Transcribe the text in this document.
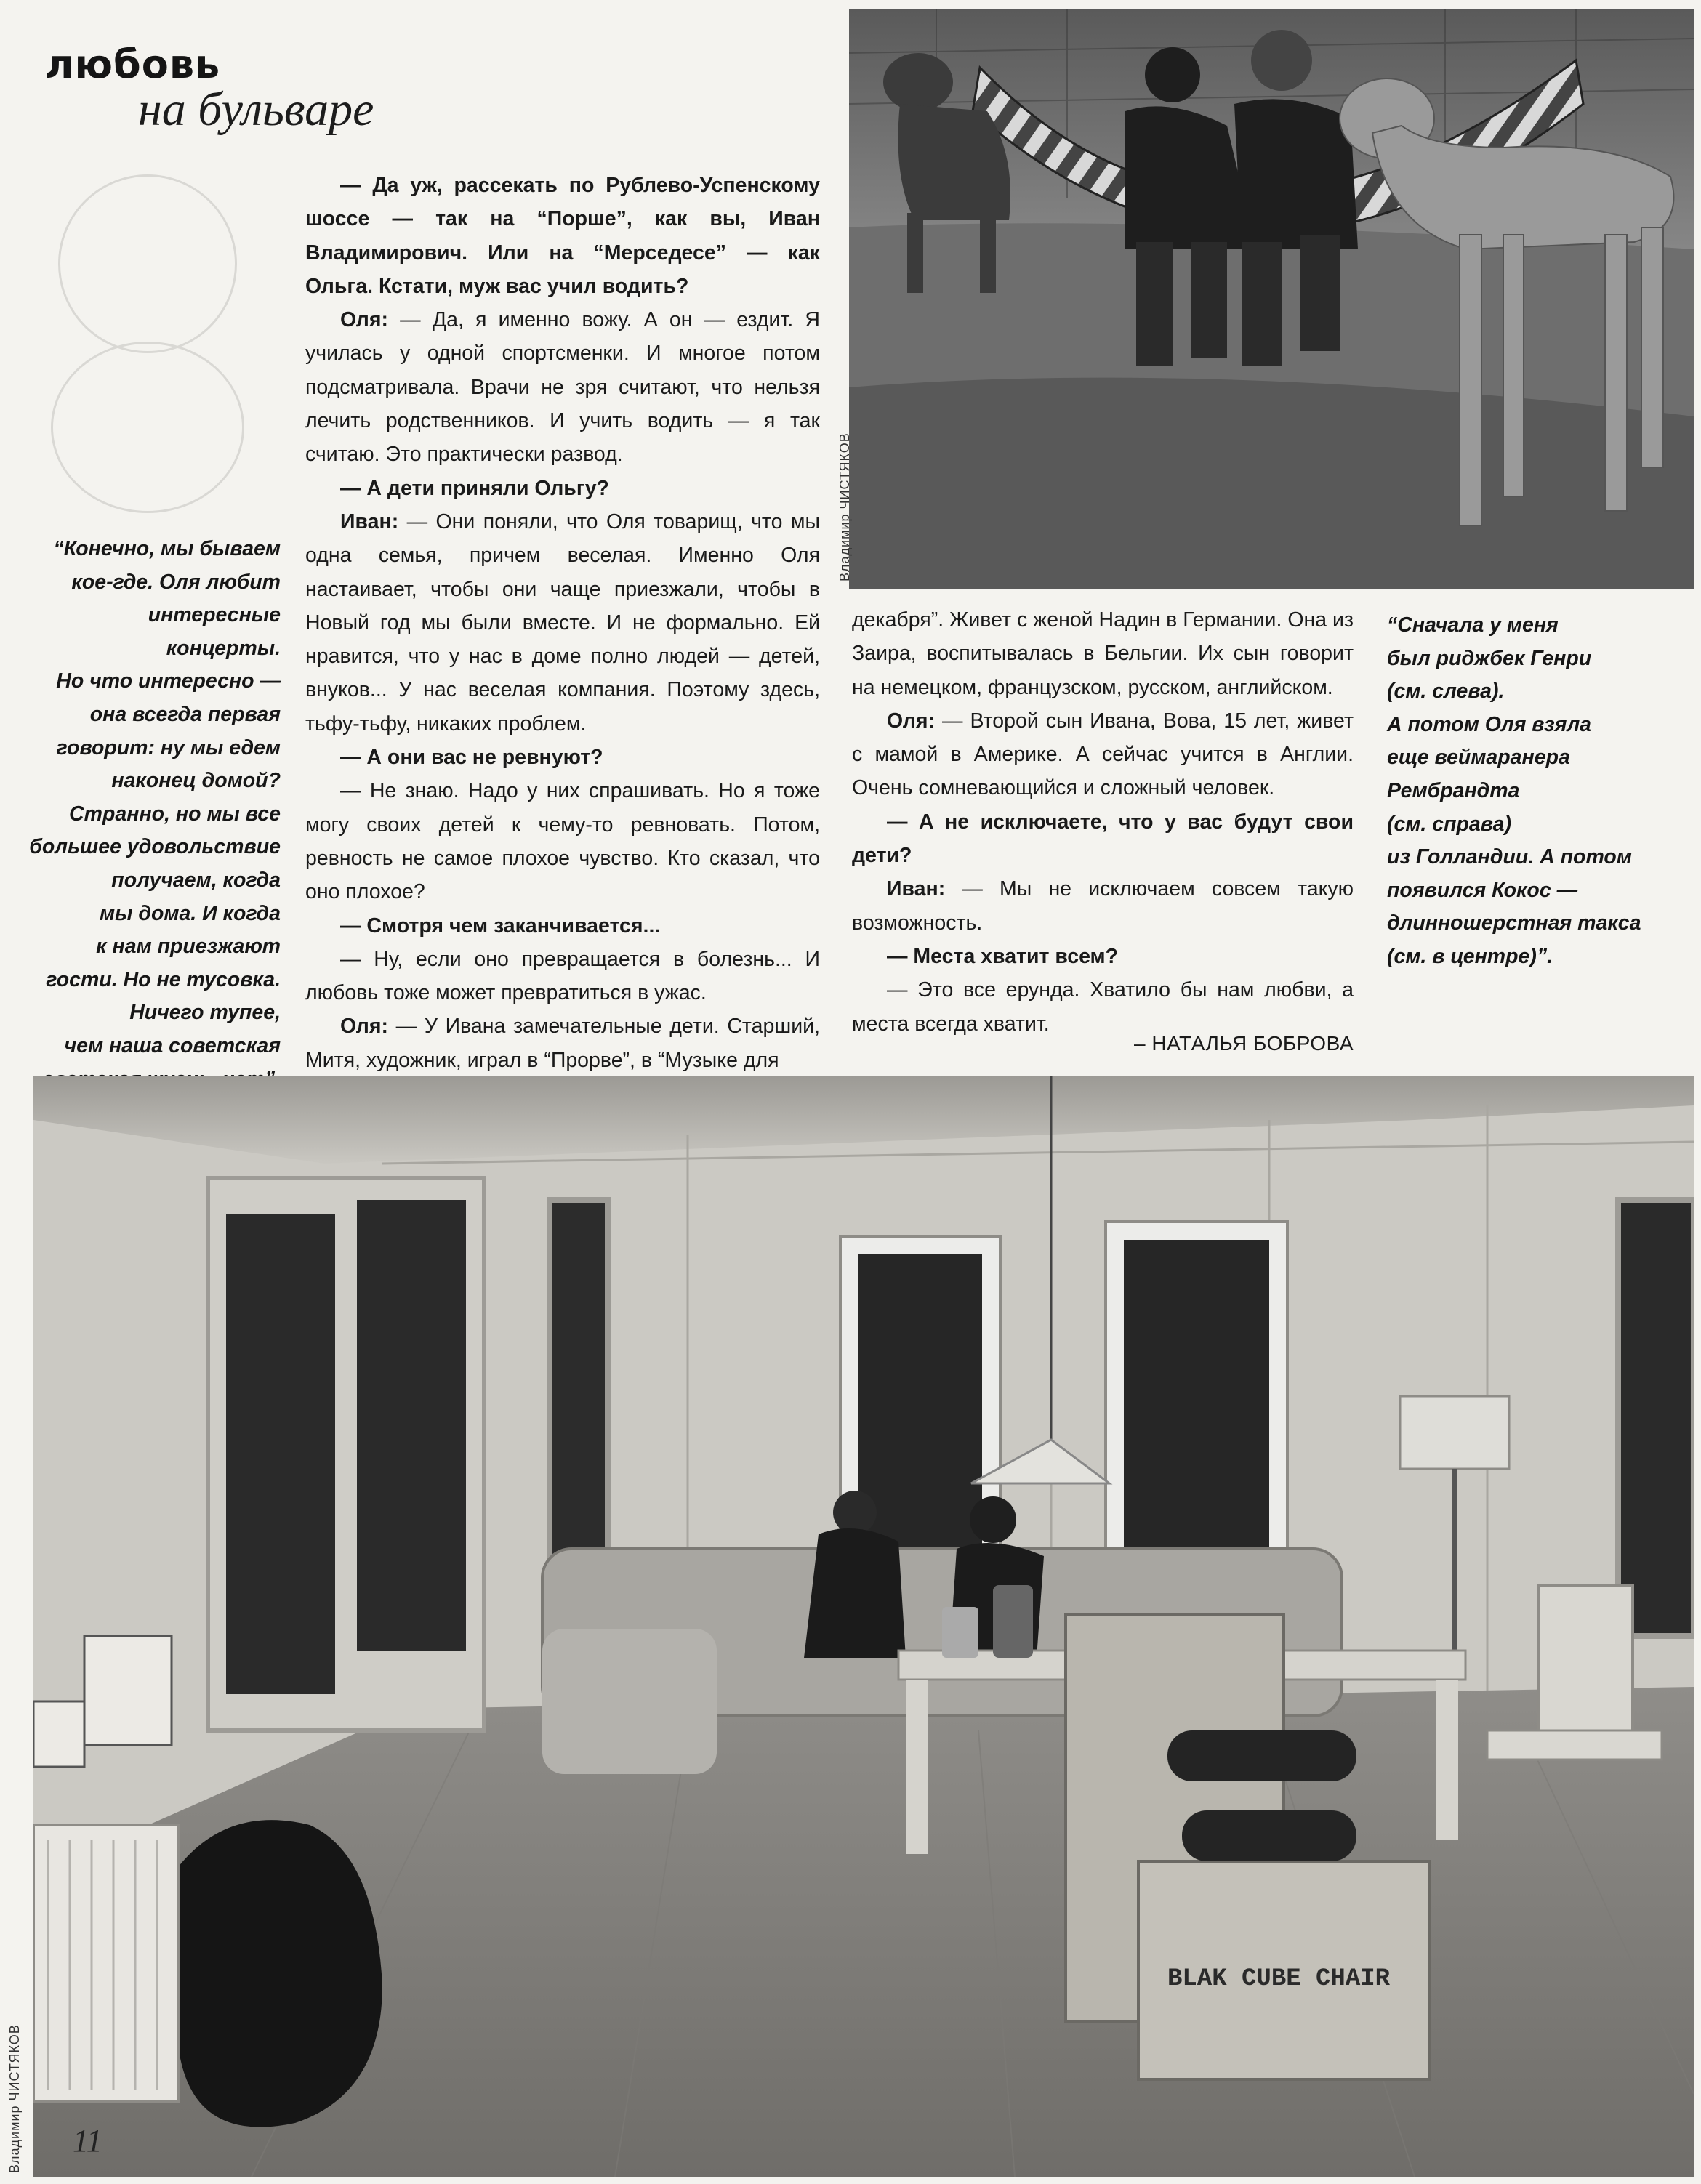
любовь
на бульваре

— Да уж, рассекать по Рублево-Успенскому шоссе — так на “Порше”, как вы, Иван Владимирович. Или на “Мерседесе” — как Ольга. Кстати, муж вас учил водить?

Оля: — Да, я именно вожу. А он — ездит. Я училась у одной спортсменки. И многое потом подсматривала. Врачи не зря считают, что нельзя лечить родственников. И учить водить — я так считаю. Это практически развод.

— А дети приняли Ольгу?

Иван: — Они поняли, что Оля товарищ, что мы одна семья, причем веселая. Именно Оля настаивает, чтобы они чаще приезжали, чтобы в Новый год мы были вместе. И не формально. Ей нравится, что у нас в доме полно людей — детей, внуков... У нас веселая компания. Поэтому здесь, тьфу-тьфу, никаких проблем.

— А они вас не ревнуют?

— Не знаю. Надо у них спрашивать. Но я тоже могу своих детей к чему-то ревновать. Потом, ревность не самое плохое чувство. Кто сказал, что оно плохое?

— Смотря чем заканчивается...

— Ну, если оно превращается в болезнь... И любовь тоже может превратиться в ужас.

Оля: — У Ивана замечательные дети. Старший, Митя, художник, играл в “Прорве”, в “Музыке для

декабря”. Живет с женой Надин в Германии. Она из Заира, воспитывалась в Бельгии. Их сын говорит на немецком, французском, русском, английском.

Оля: — Второй сын Ивана, Вова, 15 лет, живет с мамой в Америке. А сейчас учится в Англии. Очень сомневающийся и сложный человек.

— А не исключаете, что у вас будут свои дети?

Иван: — Мы не исключаем совсем такую возможность.

— Места хватит всем?

— Это все ерунда. Хватило бы нам любви, а места всегда хватит.

– НАТАЛЬЯ БОБРОВА
“Конечно, мы бываем
кое-где. Оля любит
интересные концерты.
Но что интересно —
она всегда первая
говорит: ну мы едем
наконец домой?
Странно, но мы все
большее удовольствие
получаем, когда
мы дома. И когда
к нам приезжают
гости. Но не тусовка.
Ничего тупее,
чем наша советская
“Сначала у меня
был риджбек Генри
(см. слева).
А потом Оля взяла
еще веймаранера
Рембрандта
(см. справа)
из Голландии. А потом
появился Кокос —
длинношерстная такса
(см. в центре)”.
Владимир ЧИСТЯКОВ
BLAK CUBE CHAIR
Владимир ЧИСТЯКОВ 11
